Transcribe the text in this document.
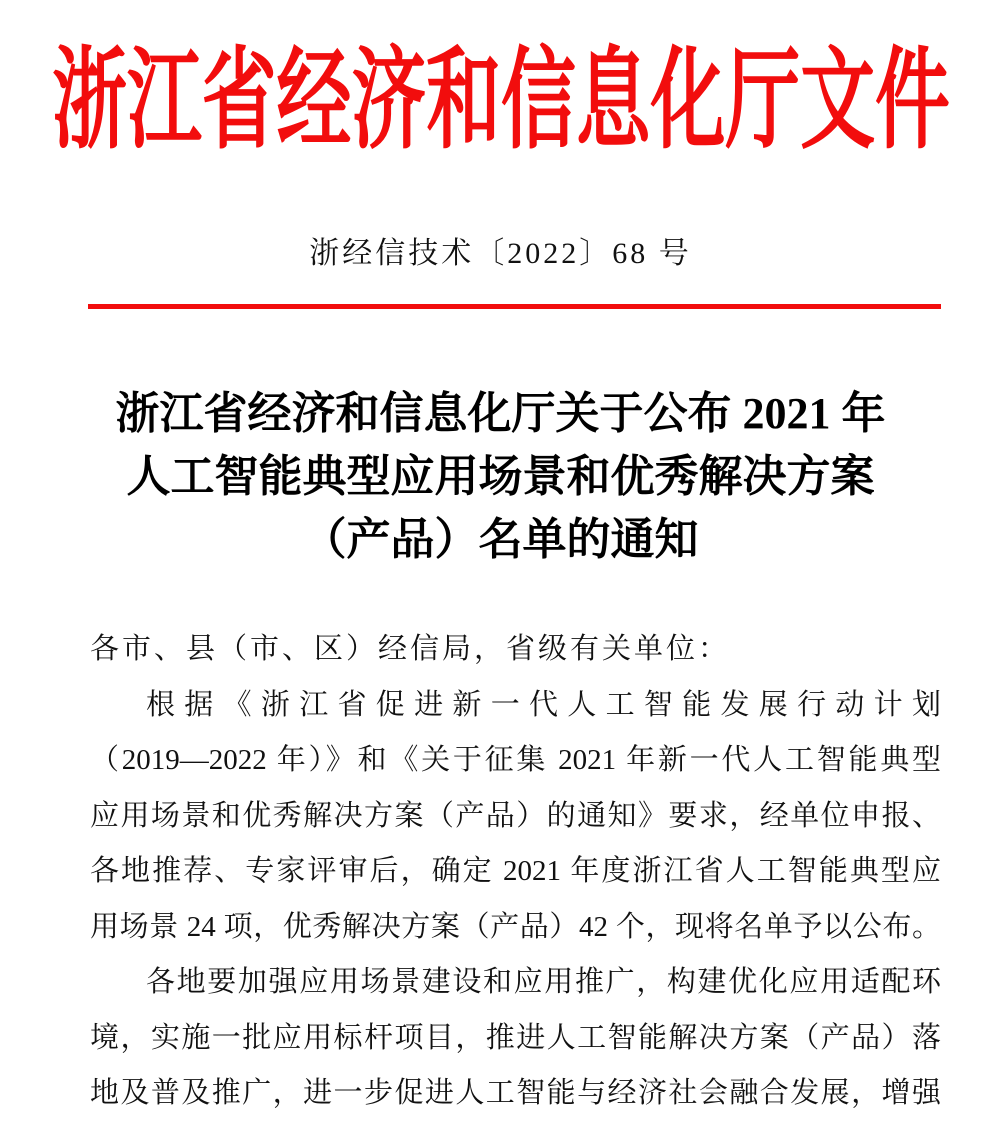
浙江省经济和信息化厅文件
浙经信技术〔2022〕68 号
浙江省经济和信息化厅关于公布 2021 年
人工智能典型应用场景和优秀解决方案
（产品）名单的通知
各市、县（市、区）经信局，省级有关单位：
根据《浙江省促进新一代人工智能发展行动计划
（2019—2022 年）》和《关于征集 2021 年新一代人工智能典型
应用场景和优秀解决方案（产品）的通知》要求，经单位申报、
各地推荐、专家评审后，确定 2021 年度浙江省人工智能典型应
用场景 24 项，优秀解决方案（产品）42 个，现将名单予以公布。
各地要加强应用场景建设和应用推广，构建优化应用适配环
境，实施一批应用标杆项目，推进人工智能解决方案（产品）落
地及普及推广，进一步促进人工智能与经济社会融合发展，增强
